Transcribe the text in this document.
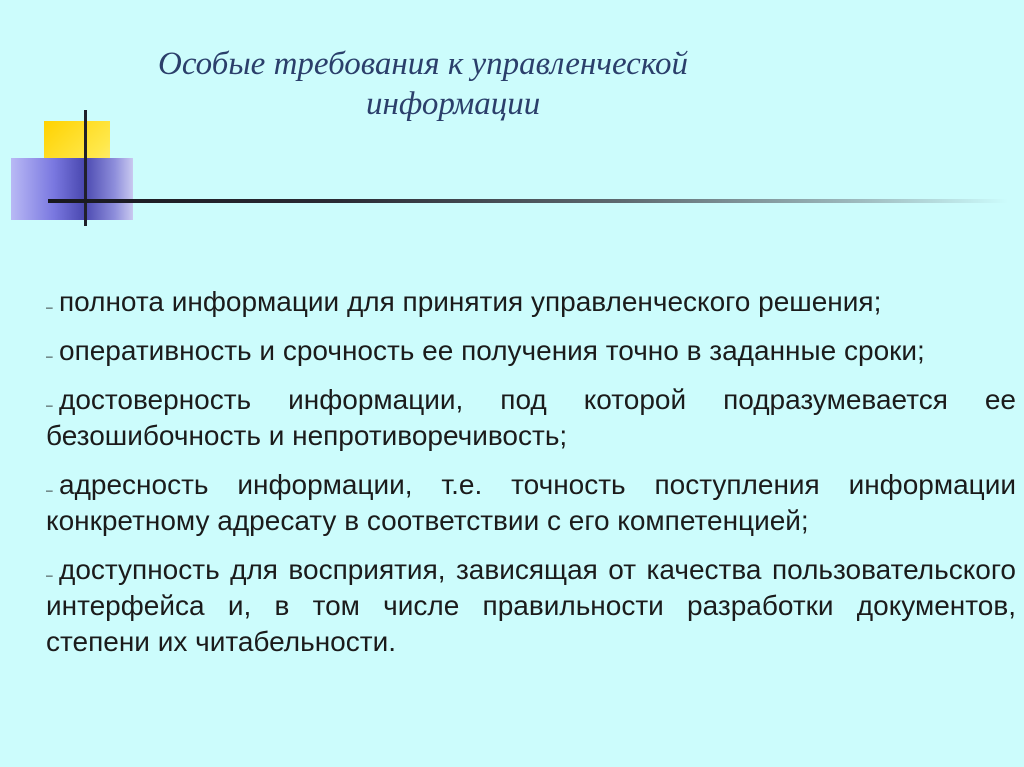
Особые требования к управленческой
информации
– полнота информации для принятия управленческого решения;
– оперативность и срочность ее получения точно в заданные сроки;
– достоверность информации, под которой подразумевается ее безошибочность и непротиворечивость;
– адресность информации, т.е. точность поступления информации конкретному адресату в соответствии с его компетенцией;
– доступность для восприятия, зависящая от качества пользовательского интерфейса и, в том числе правильности разработки документов, степени их читабельности.
